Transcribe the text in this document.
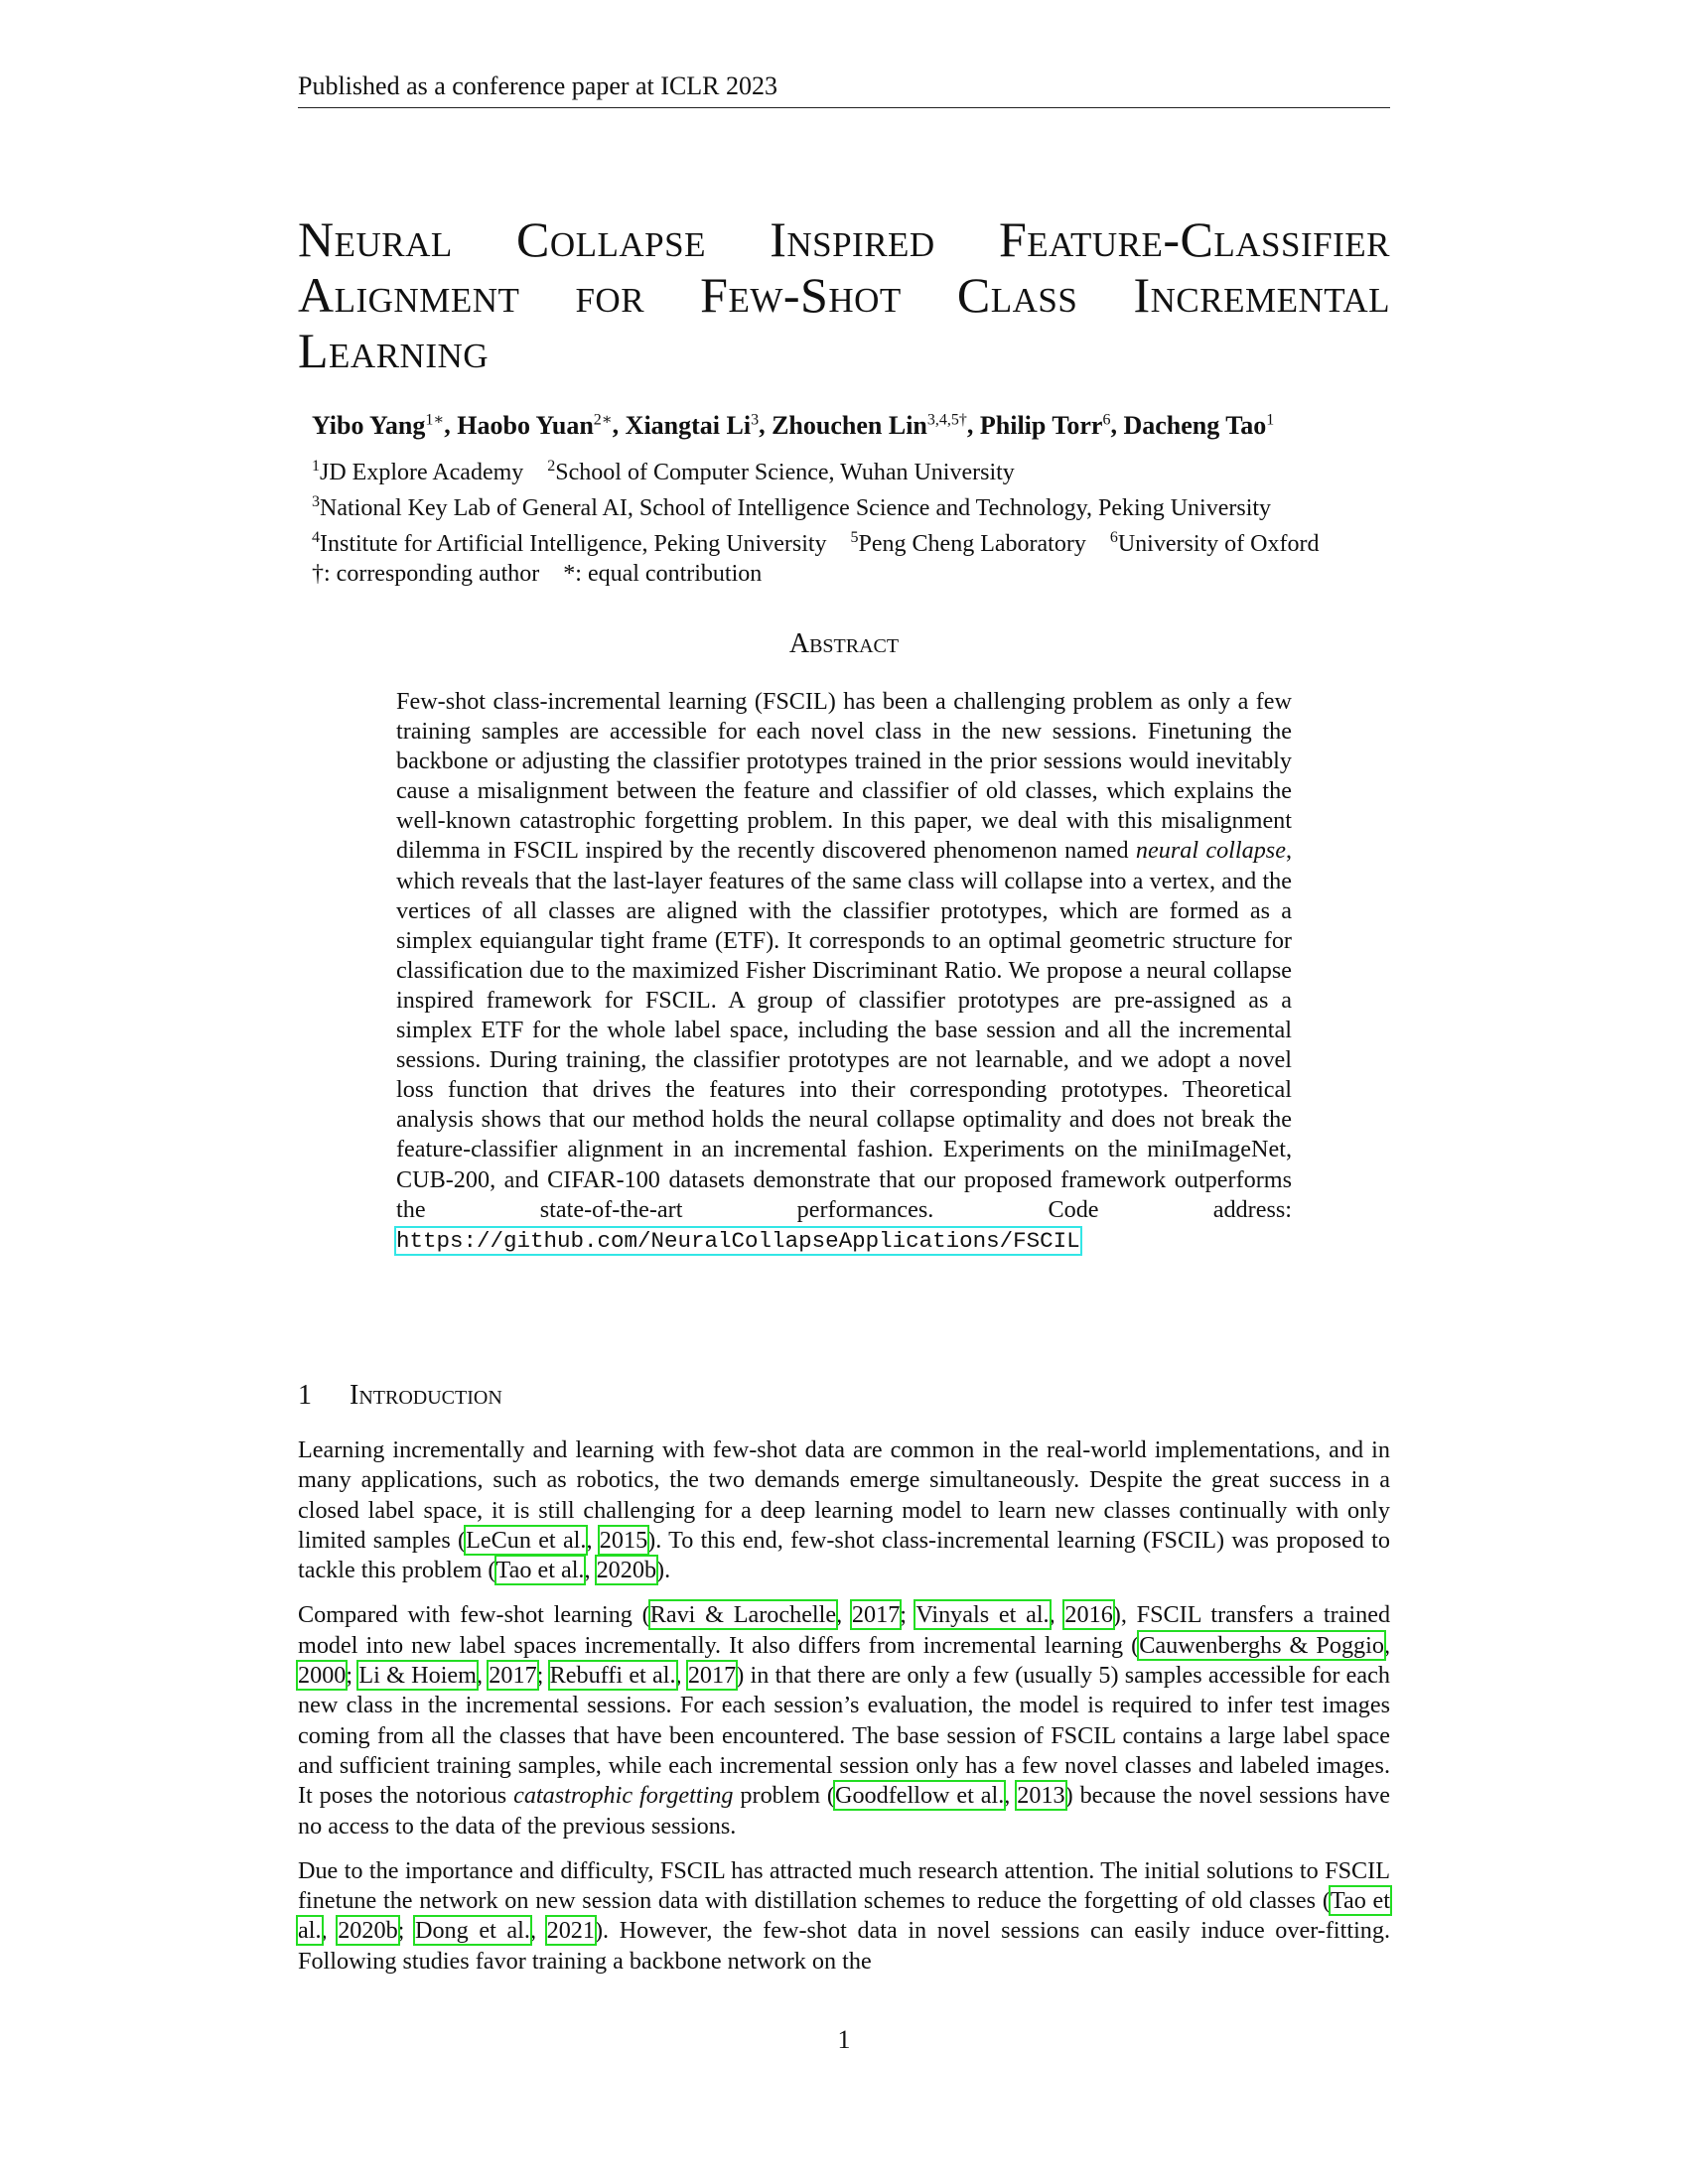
Published as a conference paper at ICLR 2023
Neural Collapse Inspired Feature-Classifier
Alignment for Few-Shot Class Incremental
Learning
Yibo Yang$^{1∗}$, Haobo Yuan$^{2∗}$, Xiangtai Li$^3$, Zhouchen Lin$^{3,4,5\dagger}$, Philip Torr$^6$, Dacheng Tao$^1$
$^1$JD Explore Academy $^2$School of Computer Science, Wuhan University
$^3$National Key Lab of General AI, School of Intelligence Science and Technology, Peking University
$^4$Institute for Artificial Intelligence, Peking University $^5$Peng Cheng Laboratory $^6$University of Oxford
†: corresponding author *: equal contribution
Abstract
Few-shot class-incremental learning (FSCIL) has been a challenging problem as only a few training samples are accessible for each novel class in the new sessions. Finetuning the backbone or adjusting the classifier prototypes trained in the prior sessions would inevitably cause a misalignment between the feature and classifier of old classes, which explains the well-known catastrophic forgetting problem. In this paper, we deal with this misalignment dilemma in FSCIL inspired by the recently discovered phenomenon named neural collapse, which reveals that the last-layer features of the same class will collapse into a vertex, and the vertices of all classes are aligned with the classifier prototypes, which are formed as a simplex equiangular tight frame (ETF). It corresponds to an optimal geometric structure for classification due to the maximized Fisher Discriminant Ratio. We propose a neural collapse inspired framework for FSCIL. A group of classifier prototypes are pre-assigned as a simplex ETF for the whole label space, including the base session and all the incremental sessions. During training, the classifier prototypes are not learnable, and we adopt a novel loss function that drives the features into their corresponding prototypes. Theoretical analysis shows that our method holds the neural collapse optimality and does not break the feature-classifier alignment in an incremental fashion. Experiments on the miniImageNet, CUB-200, and CIFAR-100 datasets demonstrate that our proposed framework outperforms the state-of-the-art performances. Code address: https://github.com/NeuralCollapseApplications/FSCIL
1 Introduction

Learning incrementally and learning with few-shot data are common in the real-world implementations, and in many applications, such as robotics, the two demands emerge simultaneously. Despite the great success in a closed label space, it is still challenging for a deep learning model to learn new classes continually with only limited samples (LeCun et al., 2015). To this end, few-shot class-incremental learning (FSCIL) was proposed to tackle this problem (Tao et al., 2020b).

Compared with few-shot learning (Ravi & Larochelle, 2017; Vinyals et al., 2016), FSCIL transfers a trained model into new label spaces incrementally. It also differs from incremental learning (Cauwenberghs & Poggio, 2000; Li & Hoiem, 2017; Rebuffi et al., 2017) in that there are only a few (usually 5) samples accessible for each new class in the incremental sessions. For each session’s evaluation, the model is required to infer test images coming from all the classes that have been encountered. The base session of FSCIL contains a large label space and sufficient training samples, while each incremental session only has a few novel classes and labeled images. It poses the notorious catastrophic forgetting problem (Goodfellow et al., 2013) because the novel sessions have no access to the data of the previous sessions.

Due to the importance and difficulty, FSCIL has attracted much research attention. The initial solutions to FSCIL finetune the network on new session data with distillation schemes to reduce the forgetting of old classes (Tao et al., 2020b; Dong et al., 2021). However, the few-shot data in novel sessions can easily induce over-fitting. Following studies favor training a backbone network on the

1
